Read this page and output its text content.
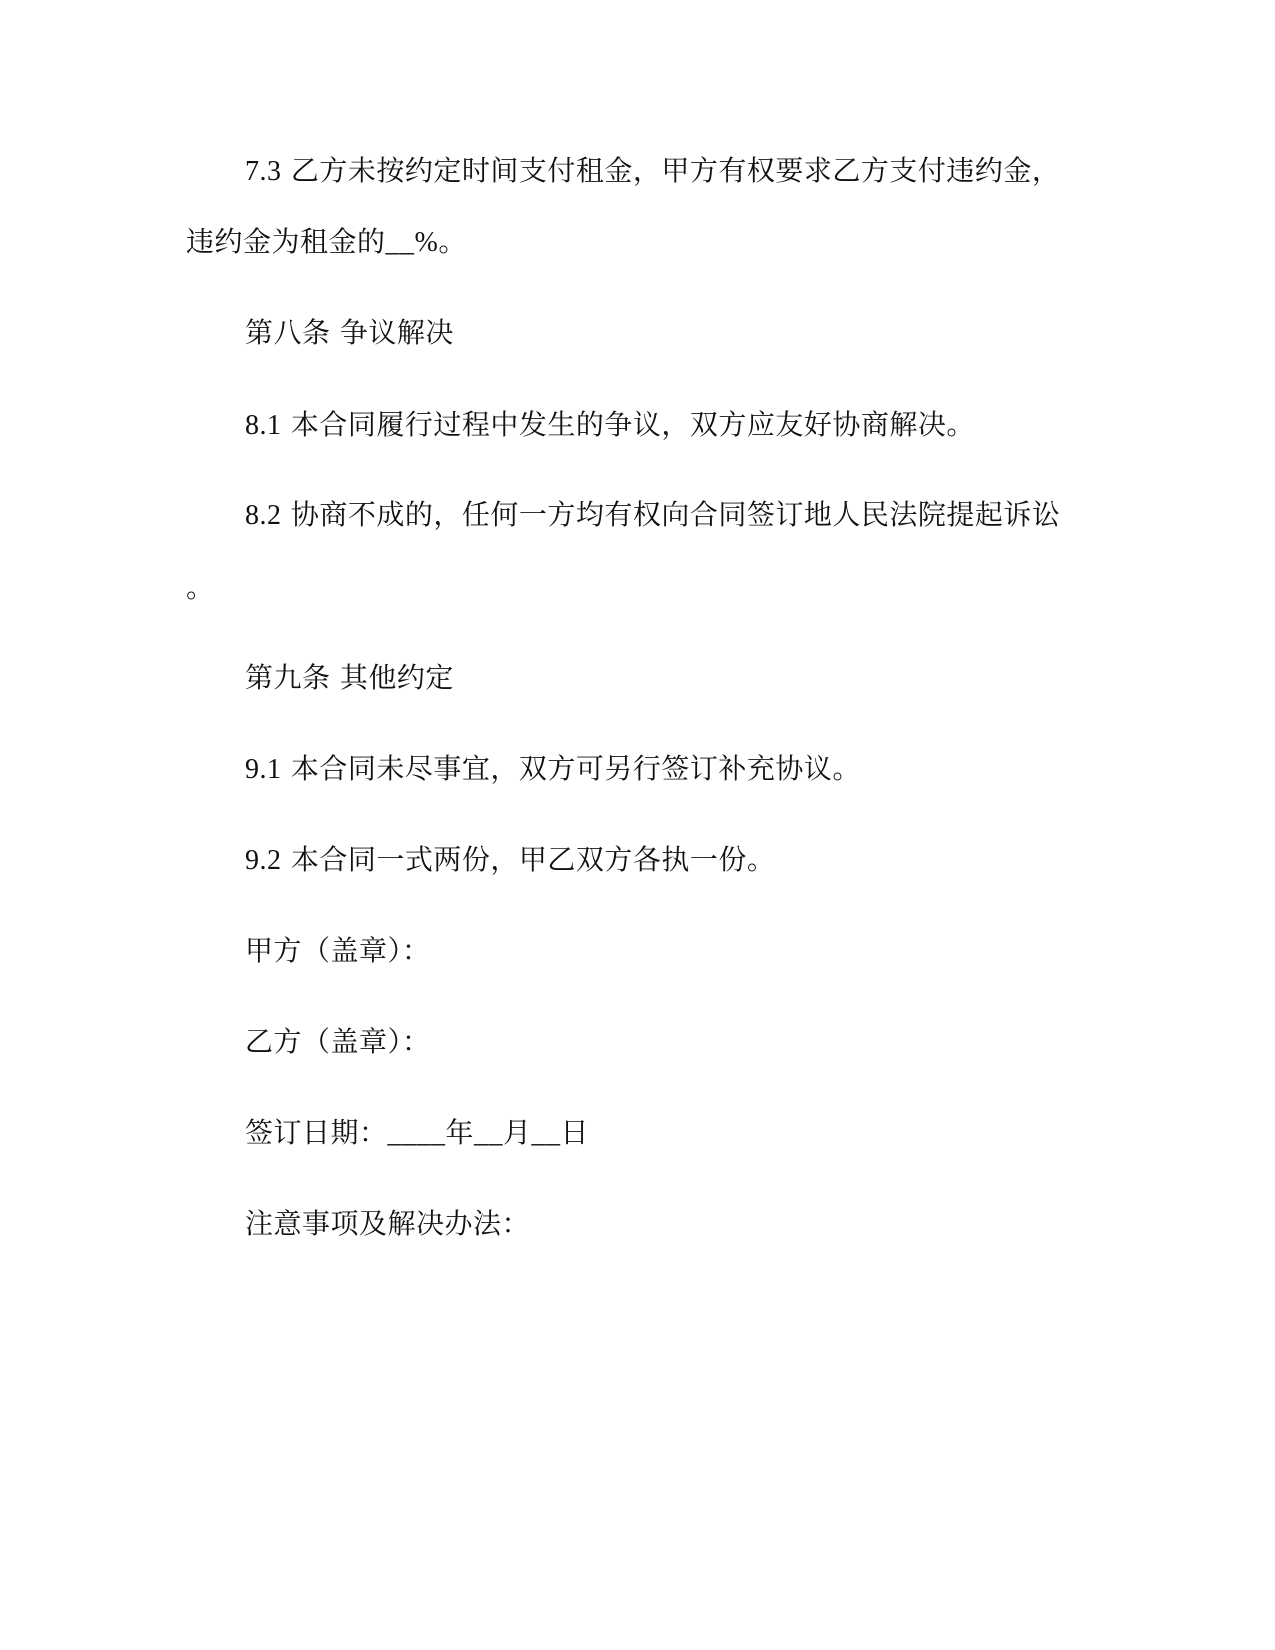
7.3 乙方未按约定时间支付租金，甲方有权要求乙方支付违约金，
违约金为租金的__%。
第八条 争议解决
8.1 本合同履行过程中发生的争议，双方应友好协商解决。
8.2 协商不成的，任何一方均有权向合同签订地人民法院提起诉讼
。
第九条 其他约定
9.1 本合同未尽事宜，双方可另行签订补充协议。
9.2 本合同一式两份，甲乙双方各执一份。
甲方（盖章）：
乙方（盖章）：
签订日期：____年__月__日
注意事项及解决办法：
